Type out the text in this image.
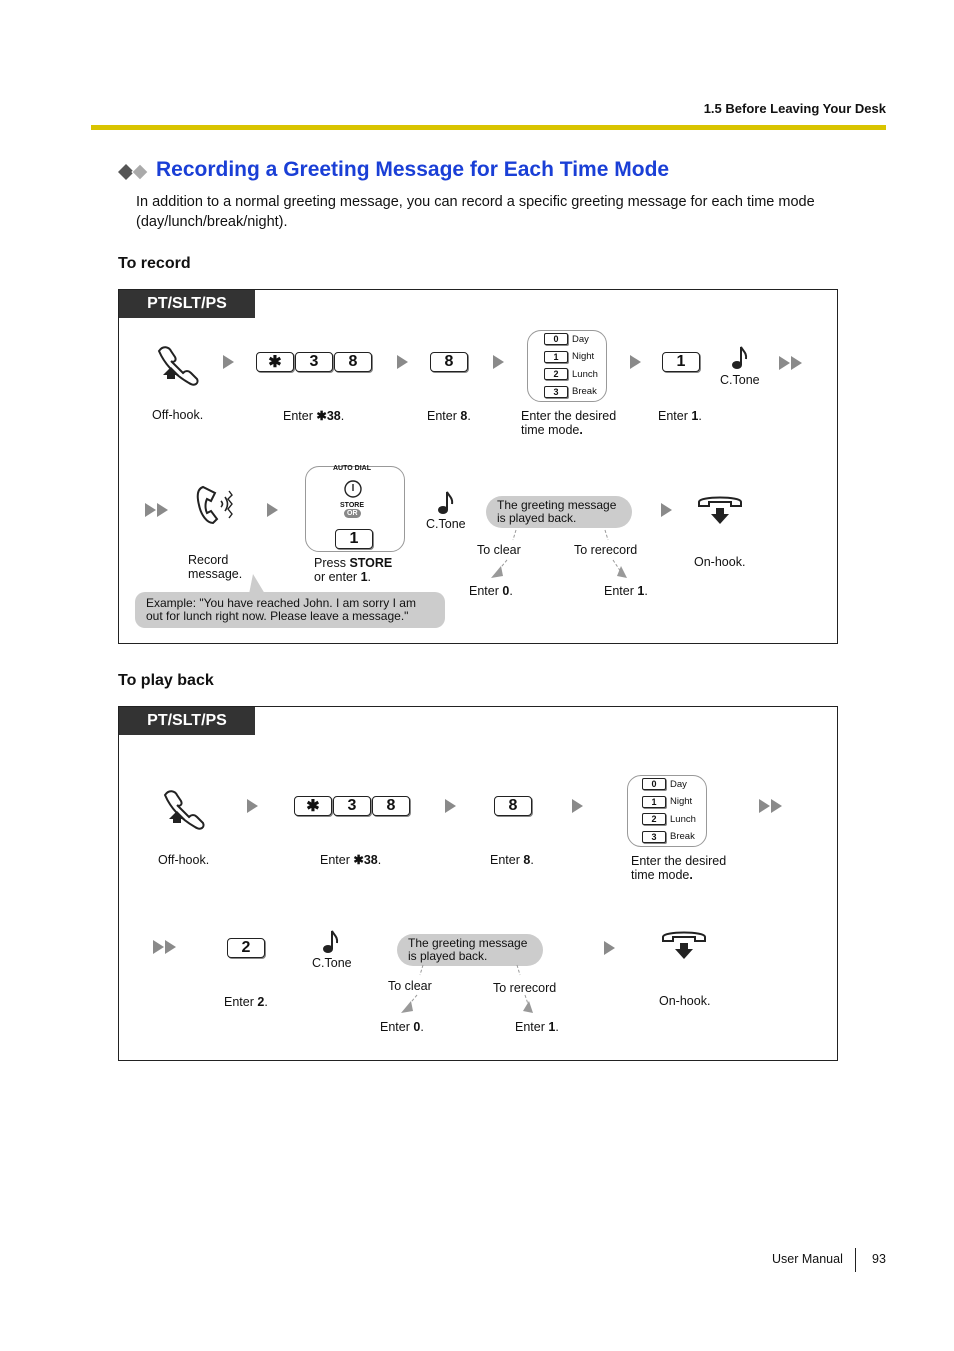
1.5 Before Leaving Your Desk
Recording a Greeting Message for Each Time Mode
In addition to a normal greeting message, you can record a specific greeting message for each time mode (day/lunch/break/night).
To record
PT/SLT/PS
Off-hook.
✱	3	8
Enter ✱38.
8
Enter 8.
0	Day
1	Night
2	Lunch
3	Break
Enter the desired
time mode.
1
Enter 1.
C.Tone
Record
message.
AUTO DIAL
STORE
OR
1
Press STORE
or enter 1.
C.Tone
The greeting message
is played back.
To clear	To rerecord
Enter 0.	Enter 1.
On-hook.
Example: "You have reached John. I am sorry I am
out for lunch right now. Please leave a message."
To play back
PT/SLT/PS
Off-hook.
✱	3	8
Enter ✱38.
8
Enter 8.
0	Day
1	Night
2	Lunch
3	Break
Enter the desired
time mode.
2
Enter 2.
C.Tone
The greeting message
is played back.
To clear	To rerecord
Enter 0.	Enter 1.
On-hook.
User Manual 93
